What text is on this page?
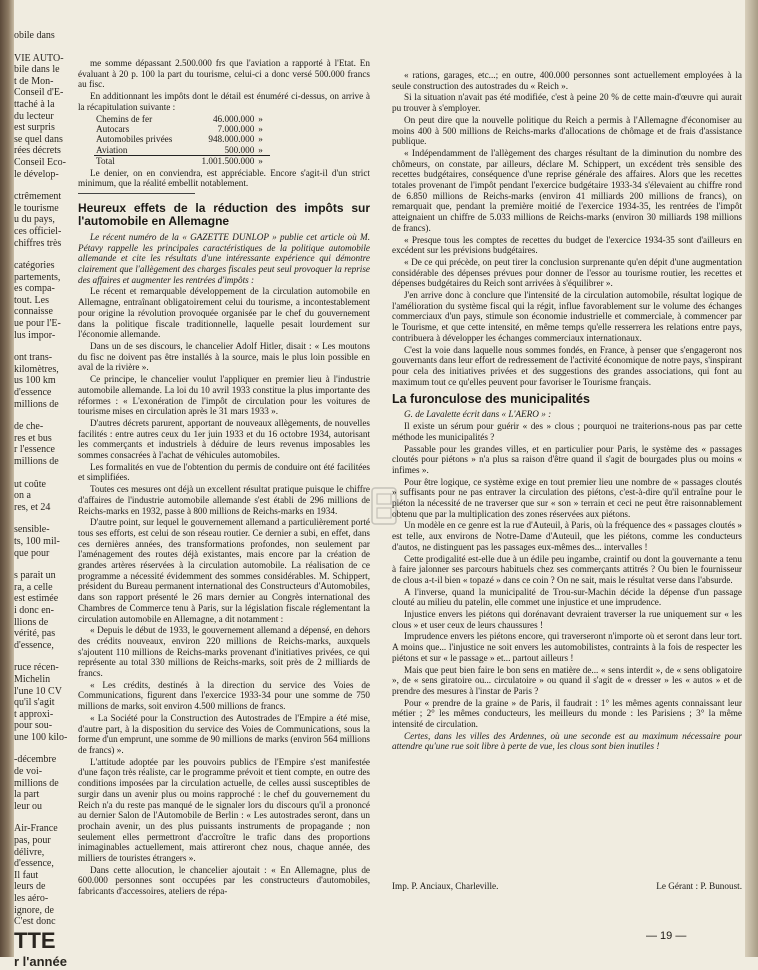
obile dans
VIE AUTO-
bile dans le
t de Mon-
Conseil d'E-
ttaché à la
du lecteur
est surpris
se quel dans
rées décrets
Conseil Eco-
le dévelop-
ctrêmement
le tourisme
u du pays,
ces officiel-
chiffres très
catégories
partements,
es compa-
tout. Les
connaisse
ue pour l'E-
lus impor-
ont trans-
kilomètres,
us 100 km
d'essence
millions de
de che-
res et bus
r l'essence
millions de
ut coûte
on a
res, et 24
sensible-
ts, 100 mil-
que pour
s parait un
ra, a celle
est estimée
i donc en-
llions de
vérité, pas
d'essence,
ruce récen-
Michelin
l'une 10 CV
qu'il s'agit
t approxi-
pour sou-
une 100 kilo-
-décembre
de voi-
millions de
la part
leur ou
Air-France
pas, pour
délivre,
d'essence,
Il faut
leurs de
les aéro-
ignore, de
C'est donc
TTE
r l'année

me somme dépassant 2.500.000 frs que l'aviation a rapporté à l'Etat. En évaluant à 20 p. 100 la part du tourisme, celui-ci a donc versé 500.000 francs au fisc.

En additionnant les impôts dont le détail est énuméré ci-dessus, on arrive à la récapitulation suivante :

Chemins de fer	46.000.000	»
Autocars	7.000.000	»
Automobiles privées	948.000.000	»
Aviation	500.000	»
Total	1.001.500.000	»

Le denier, on en conviendra, est appréciable. Encore s'agit-il d'un strict minimum, que la réalité embellit notablement.

Heureux effets de la réduction des impôts sur l'automobile en Allemagne

Le récent numéro de la « GAZETTE DUNLOP » publie cet article où M. Pétavy rappelle les principales caractéristiques de la politique automobile allemande et cite les résultats d'une intéressante expérience qui démontre clairement que l'allègement des charges fiscales peut seul provoquer la reprise des affaires et augmenter les rentrées d'impôts :

Le récent et remarquable développement de la circulation automobile en Allemagne, entraînant obligatoirement celui du tourisme, a incontestablement pour origine la révolution provoquée organisée par le chef du gouvernement dans la politique fiscale traditionnelle, laquelle pesait lourdement sur l'économie allemande.

Dans un de ses discours, le chancelier Adolf Hitler, disait : « Les moutons du fisc ne doivent pas être installés à la source, mais le plus loin possible en aval de la rivière ».

Ce principe, le chancelier voulut l'appliquer en premier lieu à l'industrie automobile allemande. La loi du 10 avril 1933 constitue la plus importante des réformes : « L'exonération de l'impôt de circulation pour les voitures de tourisme mises en circulation après le 31 mars 1933 ».

D'autres décrets parurent, apportant de nouveaux allègements, de nouvelles facilités : entre autres ceux du 1er juin 1933 et du 16 octobre 1934, autorisant les commerçants et industriels à déduire de leurs revenus imposables les sommes consacrées à l'achat de véhicules automobiles.

Les formalités en vue de l'obtention du permis de conduire ont été facilitées et simplifiées.

Toutes ces mesures ont déjà un excellent résultat pratique puisque le chiffre d'affaires de l'industrie automobile allemande s'est établi de 296 millions de Reichs-marks en 1932, passe à 800 millions de Reichs-marks en 1934.

D'autre point, sur lequel le gouvernement allemand a particulièrement porté tous ses efforts, est celui de son réseau routier. Ce dernier a subi, en effet, dans ces dernières années, des transformations profondes, non seulement par l'aménagement des routes déjà existantes, mais encore par la création de grandes artères réservées à la circulation automobile. La réalisation de ce programme a nécessité évidemment des sommes considérables. M. Schippert, président du Bureau permanent international des Constructeurs d'Automobiles, dans son rapport présenté le 26 mars dernier au Congrès international des Chambres de Commerce tenu à Paris, sur la législation fiscale réglementant la circulation automobile en Allemagne, a dit notamment :

« Depuis le début de 1933, le gouvernement allemand a dépensé, en dehors des crédits nouveaux, environ 220 millions de Reichs-marks, auxquels s'ajoutent 110 millions de Reichs-marks provenant d'initiatives privées, ce qui représente au total 330 millions de Reichs-marks, soit près de 2 milliards de francs.

« Les crédits, destinés à la direction du service des Voies de Communications, figurent dans l'exercice 1933-34 pour une somme de 750 millions de marks, soit environ 4.500 millions de francs.

« La Société pour la Construction des Autostrades de l'Empire a été mise, d'autre part, à la disposition du service des Voies de Communications, sous la forme d'un emprunt, une somme de 90 millions de marks (environ 564 millions de francs) ».

L'attitude adoptée par les pouvoirs publics de l'Empire s'est manifestée d'une façon très réaliste, car le programme prévoit et tient compte, en outre des conditions imposées par la circulation actuelle, de celles aussi susceptibles de surgir dans un avenir plus ou moins rapproché : le chef du gouvernement du Reich n'a du reste pas manqué de le signaler lors du discours qu'il a prononcé au dernier Salon de l'Automobile de Berlin : « Les autostrades seront, dans un prochain avenir, un des plus puissants instruments de propagande ; non seulement elles permettront d'accroître le trafic dans des proportions inimaginables actuellement, mais attireront chez nous, chaque année, des milliers de touristes étrangers ».

Dans cette allocution, le chancelier ajoutait : « En Allemagne, plus de 600.000 personnes sont occupées par les constructeurs d'automobiles, fabricants d'accessoires, ateliers de répa-

« rations, garages, etc...; en outre, 400.000 personnes sont actuellement employées à la seule construction des autostrades du « Reich ».

Si la situation n'avait pas été modifiée, c'est à peine 20 % de cette main-d'œuvre qui aurait pu trouver à s'employer.

On peut dire que la nouvelle politique du Reich a permis à l'Allemagne d'économiser au moins 400 à 500 millions de Reichs-marks d'allocations de chômage et de frais d'assistance publique.

« Indépendamment de l'allègement des charges résultant de la diminution du nombre des chômeurs, on constate, par ailleurs, déclare M. Schippert, un excédent très sensible des recettes budgétaires, conséquence d'une reprise générale des affaires. Alors que les recettes totales provenant de l'impôt pendant l'exercice budgétaire 1933-34 s'élevaient au chiffre rond de 6.850 millions de Reichs-marks (environ 41 milliards 200 millions de francs), on remarquait que, pendant la première moitié de l'exercice 1934-35, les rentrées de l'impôt atteignaient un chiffre de 5.033 millions de Reichs-marks (environ 30 milliards 198 millions de francs).

« Presque tous les comptes de recettes du budget de l'exercice 1934-35 sont d'ailleurs en excédent sur les prévisions budgétaires.

« De ce qui précède, on peut tirer la conclusion surprenante qu'en dépit d'une augmentation considérable des dépenses prévues pour donner de l'essor au tourisme routier, les recettes et dépenses budgétaires du Reich sont arrivées à s'équilibrer ».

J'en arrive donc à conclure que l'intensité de la circulation automobile, résultat logique de l'amélioration du système fiscal qui la régit, influe favorablement sur le volume des échanges commerciaux d'un pays, stimule son économie industrielle et commerciale, à commencer par le Tourisme, et que cette intensité, en même temps qu'elle resserrera les relations entre pays, contribuera à développer les échanges commerciaux internationaux.

C'est la voie dans laquelle nous sommes fondés, en France, à penser que s'engageront nos gouvernants dans leur effort de redressement de l'activité économique de notre pays, s'inspirant pour cela des initiatives privées et des suggestions des grandes associations, qui font au maximum tout ce qu'elles peuvent pour favoriser le Tourisme français.

La furonculose des municipalités

G. de Lavalette écrit dans « L'AERO » :

Il existe un sérum pour guérir « des » clous ; pourquoi ne traiterions-nous pas par cette méthode les municipalités ?

Passable pour les grandes villes, et en particulier pour Paris, le système des « passages cloutés pour piétons » n'a plus sa raison d'être quand il s'agit de bourgades plus ou moins « infimes ».

Pour être logique, ce système exige en tout premier lieu une nombre de « passages cloutés » suffisants pour ne pas entraver la circulation des piétons, c'est-à-dire qu'il entraîne pour le piéton la nécessité de ne traverser que sur « son » terrain et ceci ne peut être raisonnablement obtenu que par la multiplication des zones réservées aux piétons.

Un modèle en ce genre est la rue d'Auteuil, à Paris, où la fréquence des « passages cloutés » est telle, aux environs de Notre-Dame d'Auteuil, que les piétons, comme les conducteurs d'autos, ne distinguent pas les passages eux-mêmes des... intervalles !

Cette prodigalité est-elle due à un édile peu ingambe, craintif ou dont la gouvernante a tenu à faire jalonner ses parcours habituels chez ses commerçants attitrés ? Ou bien le fournisseur de clous a-t-il bien « topazé » dans ce coin ? On ne sait, mais le résultat verse dans l'absurde.

A l'inverse, quand la municipalité de Trou-sur-Machin décide la dépense d'un passage clouté au milieu du patelin, elle commet une injustice et une imprudence.

Injustice envers les piétons qui dorénavant devraient traverser la rue uniquement sur « les clous » et user ceux de leurs chaussures !

Imprudence envers les piétons encore, qui traverseront n'importe où et seront dans leur tort. A moins que... l'injustice ne soit envers les automobilistes, contraints à la fois de respecter les piétons et sur « le passage » et... partout ailleurs !

Mais que peut bien faire le bon sens en matière de... « sens interdit », de « sens obligatoire », de « sens giratoire ou... circulatoire » ou quand il s'agit de « dresser » les « autos » et de prendre des mesures à l'instar de Paris ?

Pour « prendre de la graine » de Paris, il faudrait : 1° les mêmes agents connaissant leur métier ; 2° les mêmes conducteurs, les meilleurs du monde : les Parisiens ; 3° la même intensité de circulation.

Certes, dans les villes des Ardennes, où une seconde est au maximum nécessaire pour attendre qu'une rue soit libre à perte de vue, les clous sont bien inutiles !

Imp. P. Anciaux, Charleville.	Le Gérant : P. Bunoust.
— 19 —
